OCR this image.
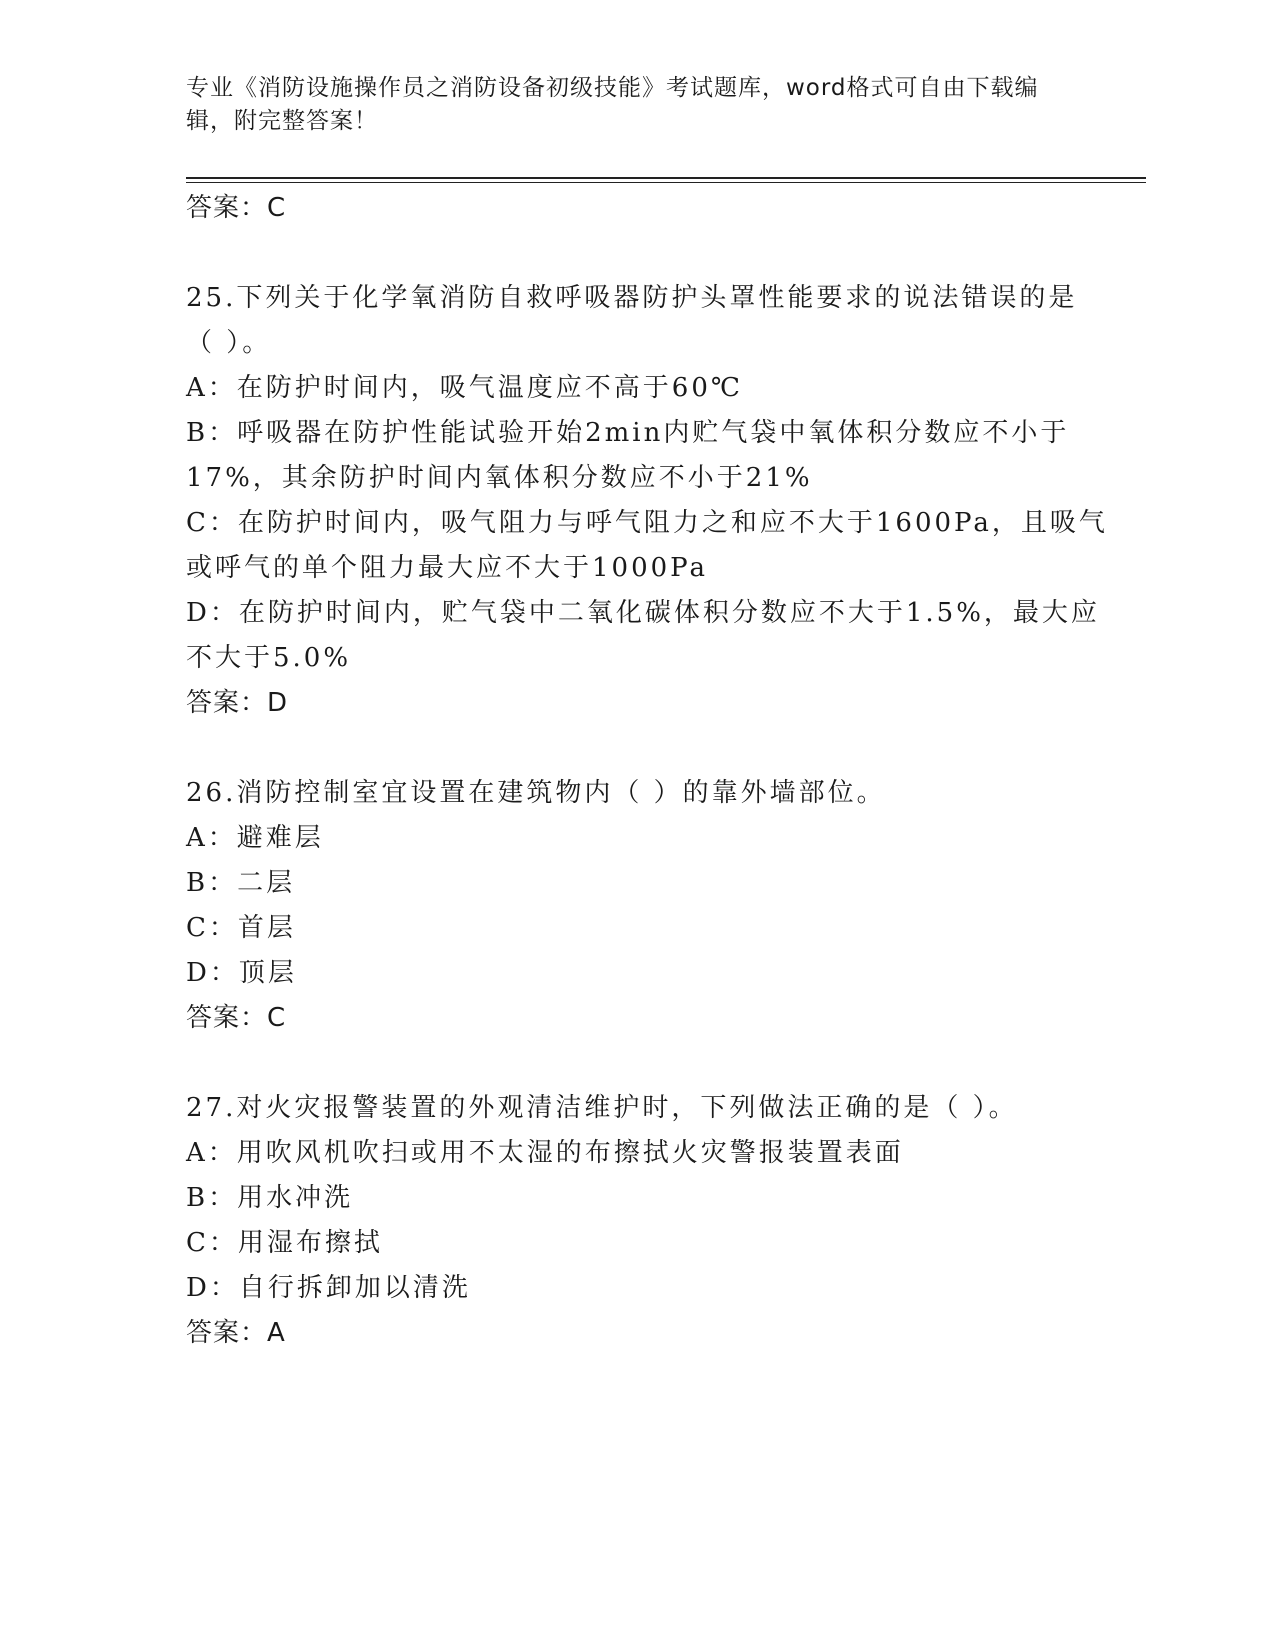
专业《消防设施操作员之消防设备初级技能》考试题库，word格式可自由下载编
辑，附完整答案！
答案：C
25.下列关于化学氧消防自救呼吸器防护头罩性能要求的说法错误的是
（ ）。
A：在防护时间内，吸气温度应不高于60℃
B：呼吸器在防护性能试验开始2min内贮气袋中氧体积分数应不小于
17%，其余防护时间内氧体积分数应不小于21%
C：在防护时间内，吸气阻力与呼气阻力之和应不大于1600Pa，且吸气
或呼气的单个阻力最大应不大于1000Pa
D：在防护时间内，贮气袋中二氧化碳体积分数应不大于1.5%，最大应
不大于5.0%
答案：D
26.消防控制室宜设置在建筑物内（ ）的靠外墙部位。
A：避难层
B：二层
C：首层
D：顶层
答案：C
27.对火灾报警装置的外观清洁维护时，下列做法正确的是（ ）。
A：用吹风机吹扫或用不太湿的布擦拭火灾警报装置表面
B：用水冲洗
C：用湿布擦拭
D：自行拆卸加以清洗
答案：A
